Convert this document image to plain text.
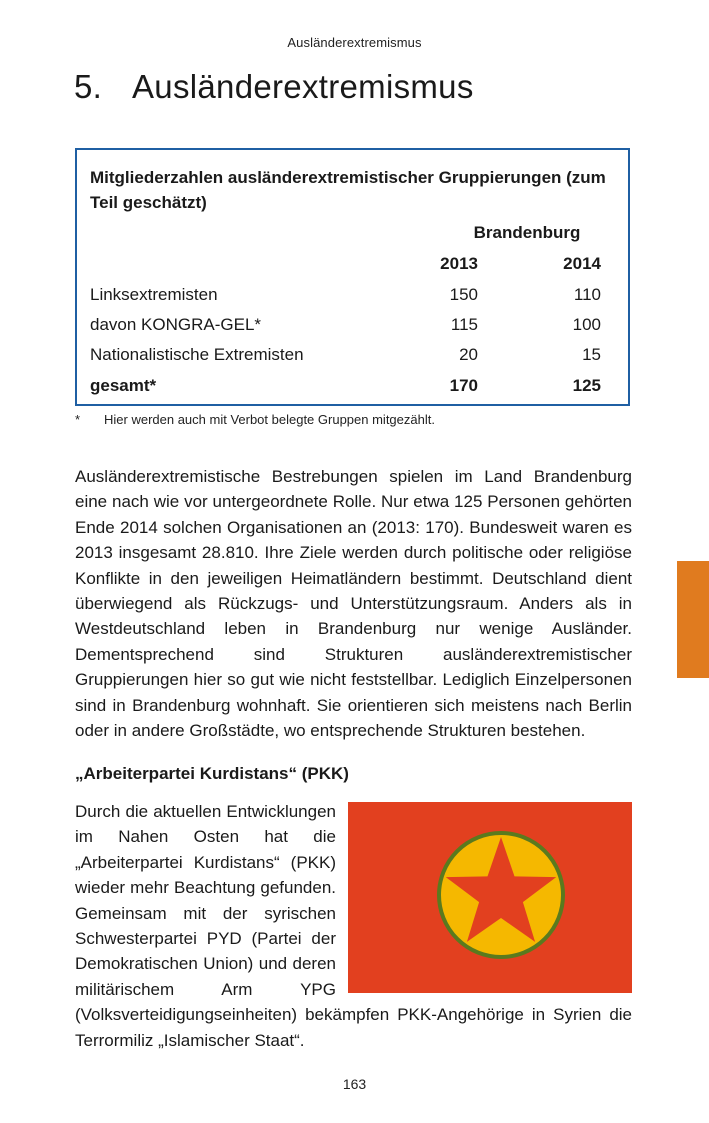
Ausländerextremismus
5. Ausländerextremismus
Mitgliederzahlen ausländerextremistischer Gruppierungen (zum Teil geschätzt)
Brandenburg
2013	2014
Linksextremisten	150	110
davon KONGRA-GEL*	115	100
Nationalistische Extremisten	20	15
gesamt*	170	125
* Hier werden auch mit Verbot belegte Gruppen mitgezählt.

Ausländerextremistische Bestrebungen spielen im Land Brandenburg eine nach wie vor untergeordnete Rolle. Nur etwa 125 Personen gehörten Ende 2014 solchen Organisationen an (2013: 170). Bundesweit waren es 2013 insgesamt 28.810. Ihre Ziele werden durch politische oder religiöse Konflikte in den jeweiligen Heimatländern bestimmt. Deutschland dient überwiegend als Rückzugs- und Unterstützungsraum. Anders als in Westdeutschland leben in Brandenburg nur wenige Ausländer. Dementsprechend sind Strukturen ausländerextremistischer Gruppierungen hier so gut wie nicht feststellbar. Lediglich Einzelpersonen sind in Brandenburg wohnhaft. Sie orientieren sich meistens nach Berlin oder in andere Großstädte, wo entsprechende Strukturen bestehen.

„Arbeiterpartei Kurdistans“ (PKK)

Durch die aktuellen Entwicklungen im Nahen Osten hat die „Arbeiterpartei Kurdistans“ (PKK) wieder mehr Beachtung gefunden. Gemeinsam mit der syrischen Schwesterpartei PYD (Partei der Demokratischen Union) und deren militärischem Arm YPG (Volksverteidigungseinheiten) bekämpfen PKK-Angehörige in Syrien die Terrormiliz „Islamischer Staat“.

163
